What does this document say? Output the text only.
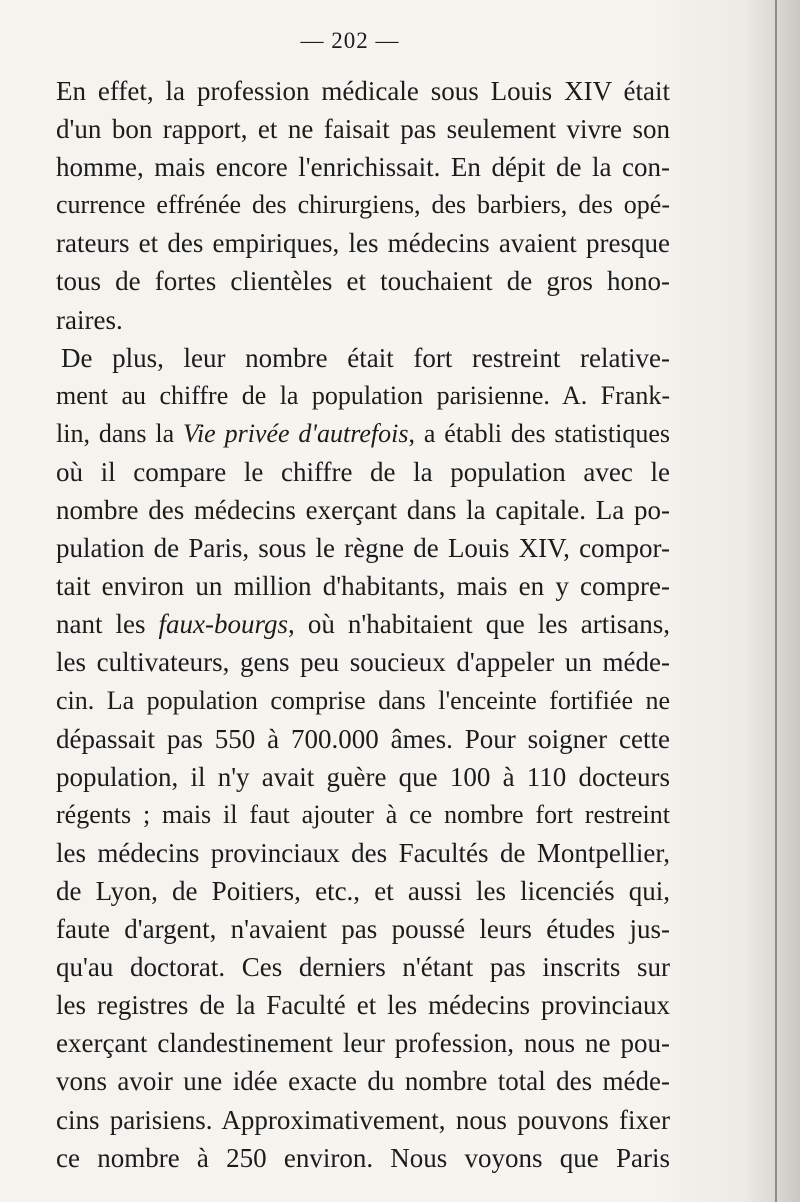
— 202 —
En effet, la profession médicale sous Louis XIV était
d'un bon rapport, et ne faisait pas seulement vivre son
homme, mais encore l'enrichissait. En dépit de la con-
currence effrénée des chirurgiens, des barbiers, des opé-
rateurs et des empiriques, les médecins avaient presque
tous de fortes clientèles et touchaient de gros hono-
raires.
De plus, leur nombre était fort restreint relative-
ment au chiffre de la population parisienne. A. Frank-
lin, dans la Vie privée d'autrefois, a établi des statistiques
où il compare le chiffre de la population avec le
nombre des médecins exerçant dans la capitale. La po-
pulation de Paris, sous le règne de Louis XIV, compor-
tait environ un million d'habitants, mais en y compre-
nant les faux-bourgs, où n'habitaient que les artisans,
les cultivateurs, gens peu soucieux d'appeler un méde-
cin. La population comprise dans l'enceinte fortifiée ne
dépassait pas 550 à 700.000 âmes. Pour soigner cette
population, il n'y avait guère que 100 à 110 docteurs
régents ; mais il faut ajouter à ce nombre fort restreint
les médecins provinciaux des Facultés de Montpellier,
de Lyon, de Poitiers, etc., et aussi les licenciés qui,
faute d'argent, n'avaient pas poussé leurs études jus-
qu'au doctorat. Ces derniers n'étant pas inscrits sur
les registres de la Faculté et les médecins provinciaux
exerçant clandestinement leur profession, nous ne pou-
vons avoir une idée exacte du nombre total des méde-
cins parisiens. Approximativement, nous pouvons fixer
ce nombre à 250 environ. Nous voyons que Paris
